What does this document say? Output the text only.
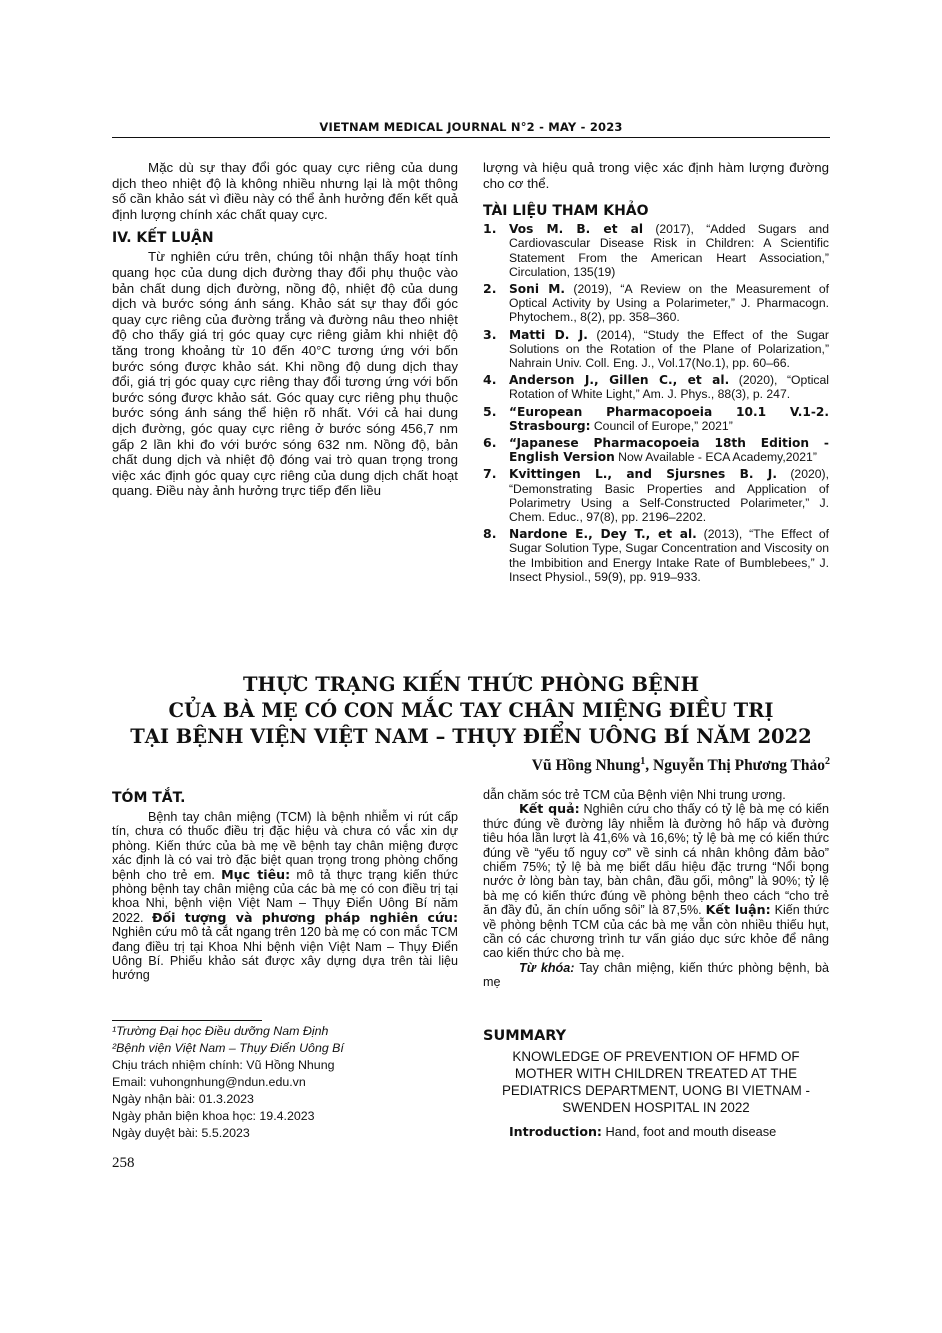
VIETNAM MEDICAL JOURNAL N°2 - MAY - 2023

Mặc dù sự thay đổi góc quay cực riêng của dung dịch theo nhiệt độ là không nhiều nhưng lại là một thông số cần khảo sát vì điều này có thể ảnh hưởng đến kết quả định lượng chính xác chất quay cực.

IV. KẾT LUẬN

Từ nghiên cứu trên, chúng tôi nhận thấy hoạt tính quang học của dung dịch đường thay đổi phụ thuộc vào bản chất dung dịch đường, nồng độ, nhiệt độ của dung dịch và bước sóng ánh sáng. Khảo sát sự thay đổi góc quay cực riêng của đường trắng và đường nâu theo nhiệt độ cho thấy giá trị góc quay cực riêng giảm khi nhiệt độ tăng trong khoảng từ 10 đến 40°C tương ứng với bốn bước sóng được khảo sát. Khi nồng độ dung dịch thay đổi, giá trị góc quay cực riêng thay đổi tương ứng với bốn bước sóng được khảo sát. Góc quay cực riêng phụ thuộc bước sóng ánh sáng thể hiện rõ nhất. Với cả hai dung dịch đường, góc quay cực riêng ở bước sóng 456,7 nm gấp 2 lần khi đo với bước sóng 632 nm. Nồng độ, bản chất dung dịch và nhiệt độ đóng vai trò quan trọng trong việc xác định góc quay cực riêng của dung dịch chất hoạt quang. Điều này ảnh hưởng trực tiếp đến liều

lượng và hiệu quả trong việc xác định hàm lượng đường cho cơ thể.

TÀI LIỆU THAM KHẢO
1.	Vos M. B. et al (2017), “Added Sugars and Cardiovascular Disease Risk in Children: A Scientific Statement From the American Heart Association,” Circulation, 135(19)
2.	Soni M. (2019), “A Review on the Measurement of Optical Activity by Using a Polarimeter,” J. Pharmacogn. Phytochem., 8(2), pp. 358–360.
3.	Matti D. J. (2014), “Study the Effect of the Sugar Solutions on the Rotation of the Plane of Polarization,” Nahrain Univ. Coll. Eng. J., Vol.17(No.1), pp. 60–66.
4.	Anderson J., Gillen C., et al. (2020), “Optical Rotation of White Light,” Am. J. Phys., 88(3), p. 247.
5.	“European Pharmacopoeia 10.1 V.1-2. Strasbourg: Council of Europe,” 2021”
6.	“Japanese Pharmacopoeia 18th Edition - English Version Now Available - ECA Academy,2021”
7.	Kvittingen L., and Sjursnes B. J. (2020), “Demonstrating Basic Properties and Application of Polarimetry Using a Self-Constructed Polarimeter,” J. Chem. Educ., 97(8), pp. 2196–2202.
8.	Nardone E., Dey T., et al. (2013), “The Effect of Sugar Solution Type, Sugar Concentration and Viscosity on the Imbibition and Energy Intake Rate of Bumblebees,” J. Insect Physiol., 59(9), pp. 919–933.
THỰC TRẠNG KIẾN THỨC PHÒNG BỆNH
CỦA BÀ MẸ CÓ CON MẮC TAY CHÂN MIỆNG ĐIỀU TRỊ
TẠI BỆNH VIỆN VIỆT NAM – THỤY ĐIỂN UÔNG BÍ NĂM 2022
Vũ Hồng Nhung$^1$, Nguyễn Thị Phương Thảo$^2$
TÓM TẮT.

Bệnh tay chân miệng (TCM) là bệnh nhiễm vi rút cấp tín, chưa có thuốc điều trị đặc hiệu và chưa có vắc xin dự phòng. Kiến thức của bà mẹ về bệnh tay chân miệng được xác định là có vai trò đặc biệt quan trọng trong phòng chống bệnh cho trẻ em. Mục tiêu: mô tả thực trạng kiến thức phòng bệnh tay chân miệng của các bà mẹ có con điều trị tại khoa Nhi, bệnh viện Việt Nam – Thụy Điển Uông Bí năm 2022. Đối tượng và phương pháp nghiên cứu: Nghiên cứu mô tả cắt ngang trên 120 bà mẹ có con mắc TCM đang điều trị tại Khoa Nhi bệnh viện Việt Nam – Thụy Điển Uông Bí. Phiếu khảo sát được xây dựng dựa trên tài liệu hướng

dẫn chăm sóc trẻ TCM của Bệnh viện Nhi trung ương.

Kết quả: Nghiên cứu cho thấy có tỷ lệ bà mẹ có kiến thức đúng về đường lây nhiễm là đường hô hấp và đường tiêu hóa lần lượt là 41,6% và 16,6%; tỷ lệ bà mẹ có kiến thức đúng về “yếu tố nguy cơ” về sinh cá nhân không đảm bảo” chiếm 75%; tỷ lệ bà mẹ biết dấu hiệu đặc trưng “Nổi bọng nước ở lòng bàn tay, bàn chân, đầu gối, mông” là 90%; tỷ lệ bà mẹ có kiến thức đúng về phòng bệnh theo cách “cho trẻ ăn đầy đủ, ăn chín uống sôi” là 87,5%. Kết luận: Kiến thức về phòng bệnh TCM của các bà mẹ vẫn còn nhiều thiếu hụt, cần có các chương trình tư vấn giáo dục sức khỏe để nâng cao kiến thức cho bà mẹ.

Từ khóa: Tay chân miệng, kiến thức phòng bệnh, bà mẹ

¹Trường Đại học Điều dưỡng Nam Định
²Bệnh viện Việt Nam – Thụy Điển Uông Bí
Chịu trách nhiệm chính: Vũ Hồng Nhung
Email: vuhongnhung@ndun.edu.vn
Ngày nhận bài: 01.3.2023
Ngày phản biện khoa học: 19.4.2023
Ngày duyệt bài: 5.5.2023
SUMMARY
KNOWLEDGE OF PREVENTION OF HFMD OF MOTHER WITH CHILDREN TREATED AT THE PEDIATRICS DEPARTMENT, UONG BI VIETNAM - SWENDEN HOSPITAL IN 2022
Introduction: Hand, foot and mouth disease
258
